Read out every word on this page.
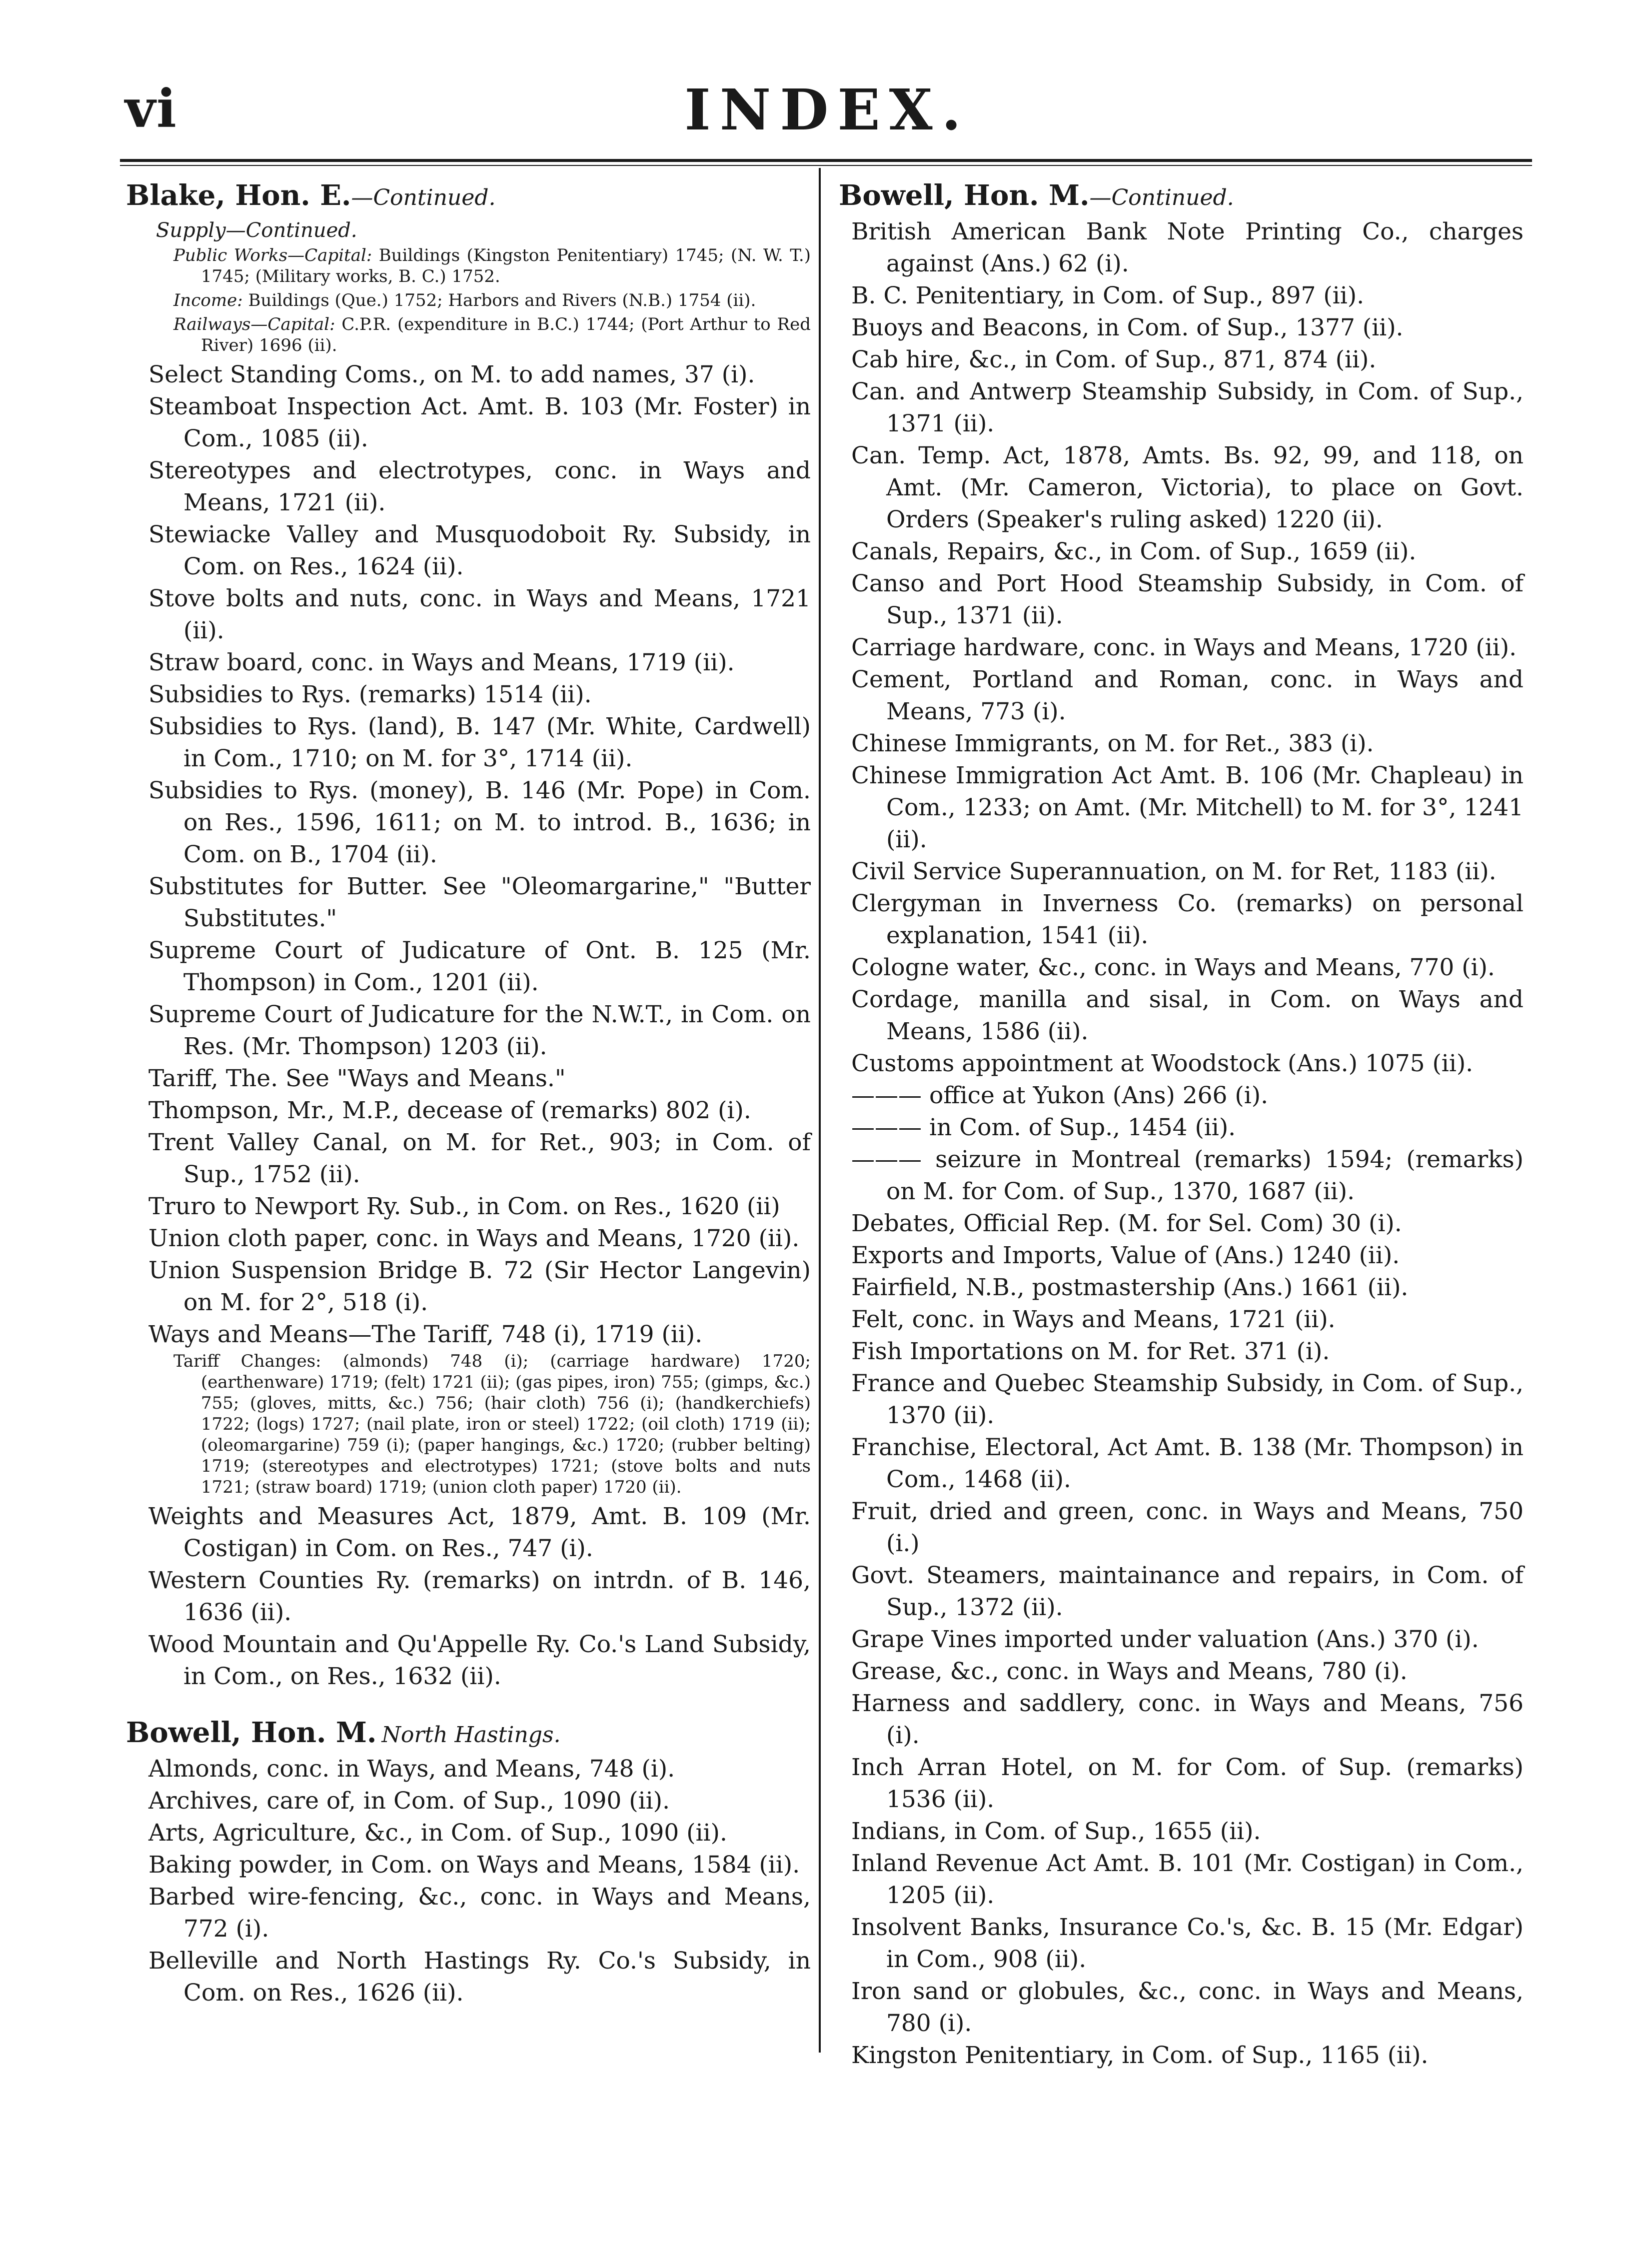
vi	INDEX.
Blake, Hon. E.—Continued.
Supply—Continued.
Public Works—Capital: Buildings (Kingston Penitentiary) 1745; (N. W. T.) 1745; (Military works, B. C.) 1752.
Income: Buildings (Que.) 1752; Harbors and Rivers (N.B.) 1754 (ii).
Railways—Capital: C.P.R. (expenditure in B.C.) 1744; (Port Arthur to Red River) 1696 (ii).

Select Standing Coms., on M. to add names, 37 (i).

Steamboat Inspection Act. Amt. B. 103 (Mr. Foster) in Com., 1085 (ii).

Stereotypes and electrotypes, conc. in Ways and Means, 1721 (ii).

Stewiacke Valley and Musquodoboit Ry. Subsidy, in Com. on Res., 1624 (ii).

Stove bolts and nuts, conc. in Ways and Means, 1721 (ii).

Straw board, conc. in Ways and Means, 1719 (ii).

Subsidies to Rys. (remarks) 1514 (ii).

Subsidies to Rys. (land), B. 147 (Mr. White, Cardwell) in Com., 1710; on M. for 3°, 1714 (ii).

Subsidies to Rys. (money), B. 146 (Mr. Pope) in Com. on Res., 1596, 1611; on M. to introd. B., 1636; in Com. on B., 1704 (ii).

Substitutes for Butter. See "Oleomargarine," "Butter Substitutes."

Supreme Court of Judicature of Ont. B. 125 (Mr. Thompson) in Com., 1201 (ii).

Supreme Court of Judicature for the N.W.T., in Com. on Res. (Mr. Thompson) 1203 (ii).

Tariff, The. See "Ways and Means."

Thompson, Mr., M.P., decease of (remarks) 802 (i).

Trent Valley Canal, on M. for Ret., 903; in Com. of Sup., 1752 (ii).

Truro to Newport Ry. Sub., in Com. on Res., 1620 (ii)

Union cloth paper, conc. in Ways and Means, 1720 (ii).

Union Suspension Bridge B. 72 (Sir Hector Langevin) on M. for 2°, 518 (i).

Ways and Means—The Tariff, 748 (i), 1719 (ii).

Tariff Changes: (almonds) 748 (i); (carriage hardware) 1720; (earthenware) 1719; (felt) 1721 (ii); (gas pipes, iron) 755; (gimps, &c.) 755; (gloves, mitts, &c.) 756; (hair cloth) 756 (i); (handkerchiefs) 1722; (logs) 1727; (nail plate, iron or steel) 1722; (oil cloth) 1719 (ii); (oleomargarine) 759 (i); (paper hangings, &c.) 1720; (rubber belting) 1719; (stereotypes and electrotypes) 1721; (stove bolts and nuts 1721; (straw board) 1719; (union cloth paper) 1720 (ii).

Weights and Measures Act, 1879, Amt. B. 109 (Mr. Costigan) in Com. on Res., 747 (i).

Western Counties Ry. (remarks) on intrdn. of B. 146, 1636 (ii).

Wood Mountain and Qu'Appelle Ry. Co.'s Land Subsidy, in Com., on Res., 1632 (ii).

Bowell, Hon. M. North Hastings.

Almonds, conc. in Ways, and Means, 748 (i).

Archives, care of, in Com. of Sup., 1090 (ii).

Arts, Agriculture, &c., in Com. of Sup., 1090 (ii).

Baking powder, in Com. on Ways and Means, 1584 (ii).

Barbed wire-fencing, &c., conc. in Ways and Means, 772 (i).

Belleville and North Hastings Ry. Co.'s Subsidy, in Com. on Res., 1626 (ii).

Bowell, Hon. M.—Continued.

British American Bank Note Printing Co., charges against (Ans.) 62 (i).

B. C. Penitentiary, in Com. of Sup., 897 (ii).

Buoys and Beacons, in Com. of Sup., 1377 (ii).

Cab hire, &c., in Com. of Sup., 871, 874 (ii).

Can. and Antwerp Steamship Subsidy, in Com. of Sup., 1371 (ii).

Can. Temp. Act, 1878, Amts. Bs. 92, 99, and 118, on Amt. (Mr. Cameron, Victoria), to place on Govt. Orders (Speaker's ruling asked) 1220 (ii).

Canals, Repairs, &c., in Com. of Sup., 1659 (ii).

Canso and Port Hood Steamship Subsidy, in Com. of Sup., 1371 (ii).

Carriage hardware, conc. in Ways and Means, 1720 (ii).

Cement, Portland and Roman, conc. in Ways and Means, 773 (i).

Chinese Immigrants, on M. for Ret., 383 (i).

Chinese Immigration Act Amt. B. 106 (Mr. Chapleau) in Com., 1233; on Amt. (Mr. Mitchell) to M. for 3°, 1241 (ii).

Civil Service Superannuation, on M. for Ret, 1183 (ii).

Clergyman in Inverness Co. (remarks) on personal explanation, 1541 (ii).

Cologne water, &c., conc. in Ways and Means, 770 (i).

Cordage, manilla and sisal, in Com. on Ways and Means, 1586 (ii).

Customs appointment at Woodstock (Ans.) 1075 (ii).

——— office at Yukon (Ans) 266 (i).

——— in Com. of Sup., 1454 (ii).

——— seizure in Montreal (remarks) 1594; (remarks) on M. for Com. of Sup., 1370, 1687 (ii).

Debates, Official Rep. (M. for Sel. Com) 30 (i).

Exports and Imports, Value of (Ans.) 1240 (ii).

Fairfield, N.B., postmastership (Ans.) 1661 (ii).

Felt, conc. in Ways and Means, 1721 (ii).

Fish Importations on M. for Ret. 371 (i).

France and Quebec Steamship Subsidy, in Com. of Sup., 1370 (ii).

Franchise, Electoral, Act Amt. B. 138 (Mr. Thompson) in Com., 1468 (ii).

Fruit, dried and green, conc. in Ways and Means, 750 (i.)

Govt. Steamers, maintainance and repairs, in Com. of Sup., 1372 (ii).

Grape Vines imported under valuation (Ans.) 370 (i).

Grease, &c., conc. in Ways and Means, 780 (i).

Harness and saddlery, conc. in Ways and Means, 756 (i).

Inch Arran Hotel, on M. for Com. of Sup. (remarks) 1536 (ii).

Indians, in Com. of Sup., 1655 (ii).

Inland Revenue Act Amt. B. 101 (Mr. Costigan) in Com., 1205 (ii).

Insolvent Banks, Insurance Co.'s, &c. B. 15 (Mr. Edgar) in Com., 908 (ii).

Iron sand or globules, &c., conc. in Ways and Means, 780 (i).

Kingston Penitentiary, in Com. of Sup., 1165 (ii).
